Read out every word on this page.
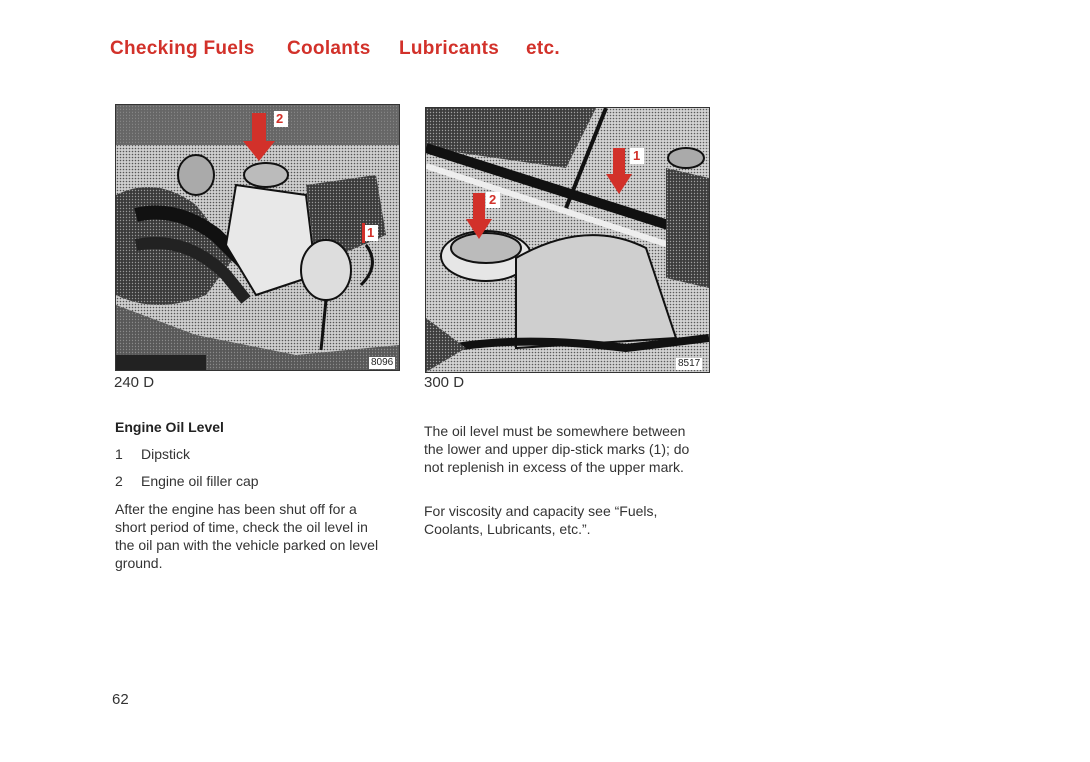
Checking Fuels Coolants Lubricants etc.
2
1
8096
240 D
1
2
8517
300 D
Engine Oil Level
1 Dipstick
2 Engine oil filler cap
After the engine has been shut off for a short period of time, check the oil level in the oil pan with the vehicle parked on level ground.
The oil level must be somewhere between the lower and upper dip-stick marks (1); do not replenish in excess of the upper mark.
For viscosity and capacity see “Fuels, Coolants, Lubricants, etc.”.
62
